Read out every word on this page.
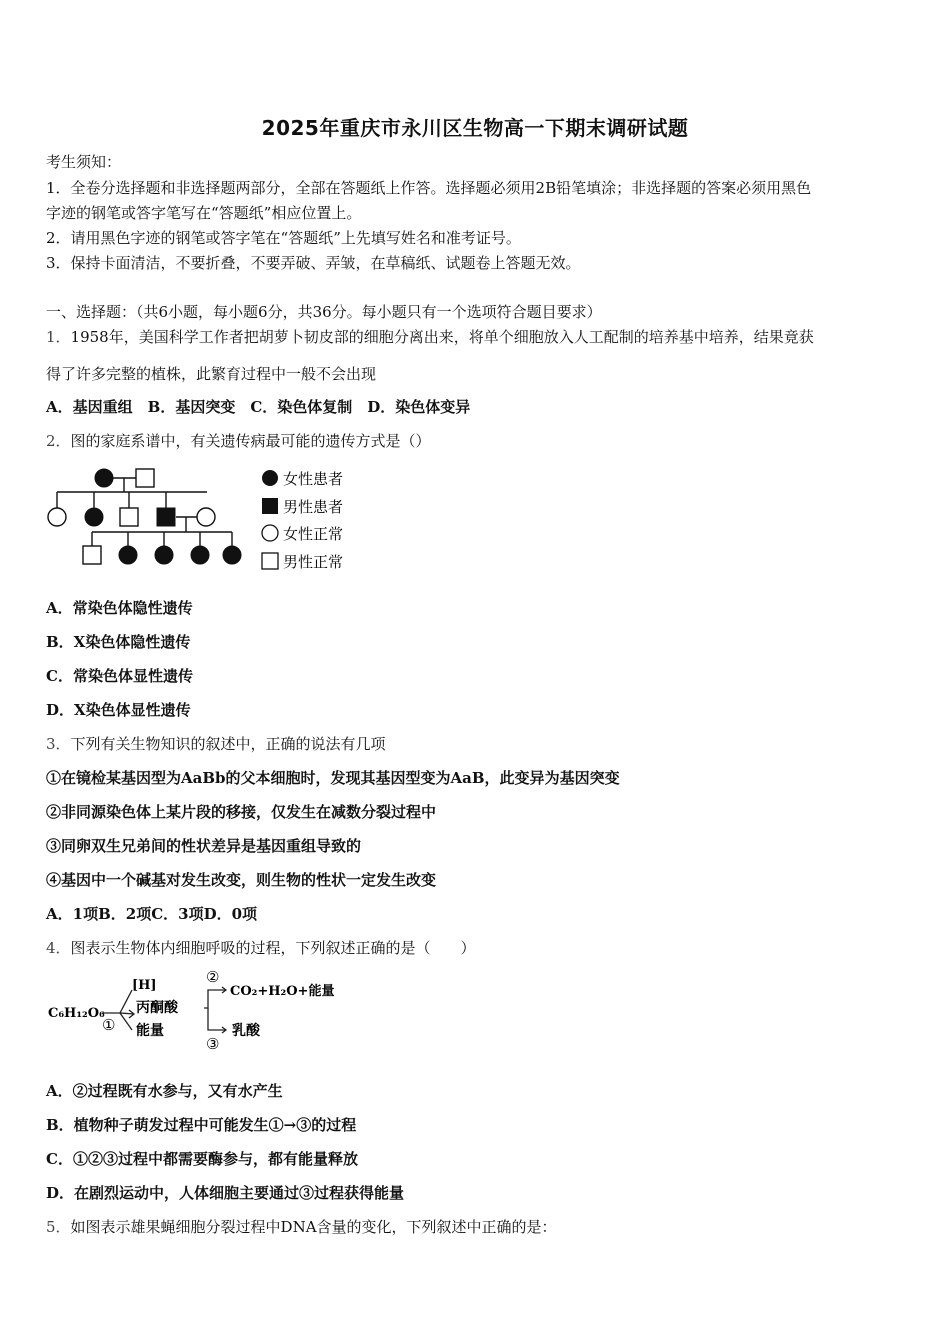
2025年重庆市永川区生物高一下期末调研试题
考生须知：
1．全卷分选择题和非选择题两部分，全部在答题纸上作答。选择题必须用2B铅笔填涂；非选择题的答案必须用黑色
字迹的钢笔或答字笔写在“答题纸”相应位置上。
2．请用黑色字迹的钢笔或答字笔在“答题纸”上先填写姓名和准考证号。
3．保持卡面清洁，不要折叠，不要弄破、弄皱，在草稿纸、试题卷上答题无效。
一、选择题：（共6小题，每小题6分，共36分。每小题只有一个选项符合题目要求）
1．1958年，美国科学工作者把胡萝卜韧皮部的细胞分离出来，将单个细胞放入人工配制的培养基中培养，结果竟获
得了许多完整的植株，此繁育过程中一般不会出现
A．基因重组　B．基因突变　C．染色体复制　D．染色体变异
2．图的家庭系谱中，有关遗传病最可能的遗传方式是（）
女性患者
男性患者
女性正常
男性正常
A．常染色体隐性遗传
B．X染色体隐性遗传
C．常染色体显性遗传
D．X染色体显性遗传
3．下列有关生物知识的叙述中，正确的说法有几项
①在镜检某基因型为AaBb的父本细胞时，发现其基因型变为AaB，此变异为基因突变
②非同源染色体上某片段的移接，仅发生在减数分裂过程中
③同卵双生兄弟间的性状差异是基因重组导致的
④基因中一个碱基对发生改变，则生物的性状一定发生改变
A．1项B．2项C．3项D．0项
4．图表示生物体内细胞呼吸的过程，下列叙述正确的是（　　）
C₆H₁₂O₆
①
[H]
丙酮酸
能量
②
CO₂+H₂O+能量
③
乳酸
A．②过程既有水参与，又有水产生
B．植物种子萌发过程中可能发生①→③的过程
C．①②③过程中都需要酶参与，都有能量释放
D．在剧烈运动中，人体细胞主要通过③过程获得能量
5．如图表示雄果蝇细胞分裂过程中DNA含量的变化，下列叙述中正确的是：
